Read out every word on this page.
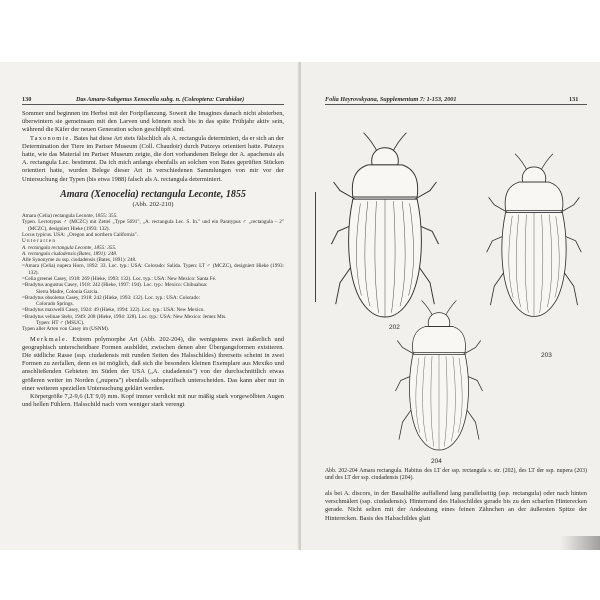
130	Das Amara-Subgenus Xenocelia subg. n. (Coleoptera: Carabidae)

Sommer und beginnen im Herbst mit der Fortpflanzung. Soweit die Imagines danach nicht absterben, überwintern sie gemeinsam mit den Larven und können noch bis in das späte Frühjahr aktiv sein, während die Käfer der neuen Generation schon geschlüpft sind.

Taxonomie. Bates hat diese Art stets fälschlich als A. rectangula determiniert, da er sich an der Determination der Tiere im Pariser Museum (Coll. Chaudoir) durch Putzeys orientiert hatte. Putzeys hatte, wie das Material im Pariser Museum zeigte, die dort vorhandenen Belege der A. apachensis als A. rectangula Lec. bestimmt. Da ich mich anfangs ebenfalls an solchen von Bates geprüften Stücken orientiert hatte, wurden Belege dieser Art in verschiedenen Sammlungen von mir vor der Untersuchung der Typen (bis etwa 1988) falsch als A. rectangula determiniert.

Amara (Xenocelia) rectangula Leconte, 1855
(Abb. 202-210)

Amara (Celia) rectangula Leconte, 1855: 355.

Typen. Lectotypus ♂ (MCZC) mit Zettel „Type 5691", „A. rectangula Lec. S. In." und ein Paratypus ♂ „rectangula – 2" (MCZC), designiert Hieke (1993: 132).

Locus typicus. USA: „Oregon and northern California".

Unterarten

A. rectangula rectangula Leconte, 1855: 355.

A. rectangula ciudadensis (Bates, 1891): 248.

Alle Synonyme zu ssp. ciudadensis (Bates, 1891): 248.

=Amara (Celia) nupera Horn, 1892: 33. Loc. typ.: USA: Colorado: Salida. Typen: LT ♂ (MCZC), designiert Hieke (1993: 132).

=Celia greenei Casey, 1918: 269 (Hieke, 1993: 132). Loc. typ.: USA: New Mexico: Santa Fé.

=Bradytus angustus Casey, 1918: 242 (Hieke, 1997: 194). Loc. typ.: Mexico: Chihuahua:

Sierra Madre, Colonia Garcia.

=Bradytus obsoletus Casey, 1918: 242 (Hieke, 1993: 132). Loc. typ.: USA: Colorado:

Colorado Springs.

=Bradytus maxwelli Casey, 1924: 49 (Hieke, 1994: 322). Loc. typ.: USA: New Mexico.

=Bradytus velinae Stehr, 1949: 208 (Hieke, 1994: 328). Loc. typ.: USA: New Mexico: Jemez Mts.

Typen: HT ♂ (MSUC).

Typen aller Arten von Casey im (USNM).

Merkmale. Extrem polymorphe Art (Abb. 202-204), die wenigstens zwei äußerlich und geographisch unterscheidbare Formen ausbildet, zwischen denen aber Übergangsformen existieren. Die südliche Rasse (ssp. ciudadensis mit runden Seiten des Halsschildes) ihrerseits scheint in zwei Formen zu zerfallen, denn es ist möglich, daß sich die besonders kleinen Exemplare aus Mexiko und anschließenden Gebieten im Süden der USA („A. ciudadensis") von der durchschnittlich etwas größeren weiter im Norden („nupera") ebenfalls subspezifisch unterscheiden. Das kann aber nur in einer weiteren speziellen Untersuchung geklärt werden.

Körpergröße 7,2-9,6 (LT 9,0) mm. Kopf immer verdickt mit nur mäßig stark vorgewölbten Augen und hellen Fühlern. Halsschild nach vorn weniger stark verengt

Folia Heyrovskyana, Supplementum 7: 1-153, 2001	131
202
203
204
Abb. 202-204 Amara rectangula. Habitus des LT der ssp. rectangula s. str. (202), des LT der ssp. nupera (203) und des LT der ssp. ciudadensis (204).
als bei A. discors, in der Basalhälfte auffallend lang parallelseitig (ssp. rectangula) oder nach hinten verschmälert (ssp. ciudadensis). Hinterrand des Halsschildes gerade bis zu den scharfen Hinterecken gerade. Nicht selten mit der Andeutung eines feinen Zähnchen an der äußersten Spitze der Hinterecken. Basis des Halsschildes glatt
